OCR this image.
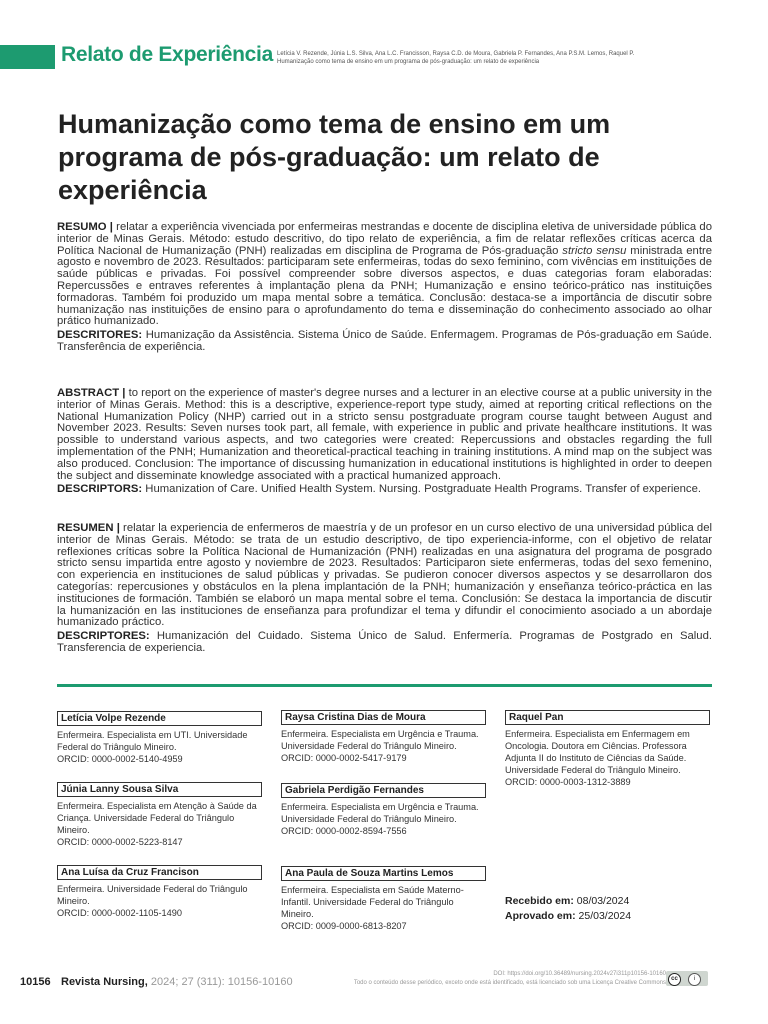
Relato de Experiência Letícia V. Rezende, Júnia L.S. Silva, Ana L.C. Francisson, Raysa C.D. de Moura, Gabriela P. Fernandes, Ana P.S.M. Lemos, Raquel P.
Humanização como tema de ensino em um programa de pós-graduação: um relato de experiência
Humanização como tema de ensino em um programa de pós-graduação: um relato de experiência

RESUMO | relatar a experiência vivenciada por enfermeiras mestrandas e docente de disciplina eletiva de universidade pública do interior de Minas Gerais. Método: estudo descritivo, do tipo relato de experiência, a fim de relatar reflexões críticas acerca da Política Nacional de Humanização (PNH) realizadas em disciplina de Programa de Pós-graduação stricto sensu ministrada entre agosto e novembro de 2023. Resultados: participaram sete enfermeiras, todas do sexo feminino, com vivências em instituições de saúde públicas e privadas. Foi possível compreender sobre diversos aspectos, e duas categorias foram elaboradas: Repercussões e entraves referentes à implantação plena da PNH; Humanização e ensino teórico-prático nas instituições formadoras. Também foi produzido um mapa mental sobre a temática. Conclusão: destaca-se a importância de discutir sobre humanização nas instituições de ensino para o aprofundamento do tema e disseminação do conhecimento associado ao olhar prático humanizado.

DESCRITORES: Humanização da Assistência. Sistema Único de Saúde. Enfermagem. Programas de Pós-graduação em Saúde. Transferência de experiência.

ABSTRACT | to report on the experience of master's degree nurses and a lecturer in an elective course at a public university in the interior of Minas Gerais. Method: this is a descriptive, experience-report type study, aimed at reporting critical reflections on the National Humanization Policy (NHP) carried out in a stricto sensu postgraduate program course taught between August and November 2023. Results: Seven nurses took part, all female, with experience in public and private healthcare institutions. It was possible to understand various aspects, and two categories were created: Repercussions and obstacles regarding the full implementation of the PNH; Humanization and theoretical-practical teaching in training institutions. A mind map on the subject was also produced. Conclusion: The importance of discussing humanization in educational institutions is highlighted in order to deepen the subject and disseminate knowledge associated with a practical humanized approach.

DESCRIPTORS: Humanization of Care. Unified Health System. Nursing. Postgraduate Health Programs. Transfer of experience.

RESUMEN | relatar la experiencia de enfermeros de maestría y de un profesor en un curso electivo de una universidad pública del interior de Minas Gerais. Método: se trata de un estudio descriptivo, de tipo experiencia-informe, con el objetivo de relatar reflexiones críticas sobre la Política Nacional de Humanización (PNH) realizadas en una asignatura del programa de posgrado stricto sensu impartida entre agosto y noviembre de 2023. Resultados: Participaron siete enfermeras, todas del sexo femenino, con experiencia en instituciones de salud públicas y privadas. Se pudieron conocer diversos aspectos y se desarrollaron dos categorías: repercusiones y obstáculos en la plena implantación de la PNH; humanización y enseñanza teórico-práctica en las instituciones de formación. También se elaboró un mapa mental sobre el tema. Conclusión: Se destaca la importancia de discutir la humanización en las instituciones de enseñanza para profundizar el tema y difundir el conocimiento asociado a un abordaje humanizado práctico.

DESCRIPTORES: Humanización del Cuidado. Sistema Único de Salud. Enfermería. Programas de Postgrado en Salud. Transferencia de experiencia.

Letícia Volpe Rezende
Enfermeira. Especialista em UTI. Universidade Federal do Triângulo Mineiro.
ORCID: 0000-0002-5140-4959
Júnia Lanny Sousa Silva
Enfermeira. Especialista em Atenção à Saúde da Criança. Universidade Federal do Triângulo Mineiro.
ORCID: 0000-0002-5223-8147
Ana Luísa da Cruz Francison
Enfermeira. Universidade Federal do Triângulo Mineiro.
ORCID: 0000-0002-1105-1490
Raysa Cristina Dias de Moura
Enfermeira. Especialista em Urgência e Trauma. Universidade Federal do Triângulo Mineiro.
ORCID: 0000-0002-5417-9179
Gabriela Perdigão Fernandes
Enfermeira. Especialista em Urgência e Trauma. Universidade Federal do Triângulo Mineiro.
ORCID: 0000-0002-8594-7556
Ana Paula de Souza Martins Lemos
Enfermeira. Especialista em Saúde Materno-Infantil. Universidade Federal do Triângulo Mineiro.
ORCID: 0009-0000-6813-8207
Raquel Pan
Enfermeira. Especialista em Enfermagem em Oncologia. Doutora em Ciências. Professora Adjunta II do Instituto de Ciências da Saúde. Universidade Federal do Triângulo Mineiro.
ORCID: 0000-0003-1312-3889
Recebido em: 08/03/2024
Aprovado em: 25/03/2024
10156 Revista Nursing, 2024; 27 (311): 10156-10160
DOI: https://doi.org/10.36489/nursing.2024v27i311p10156-10160
Todo o conteúdo desse periódico, exceto onde está identificado, está licenciado sob uma Licença Creative Commons
cc	i
